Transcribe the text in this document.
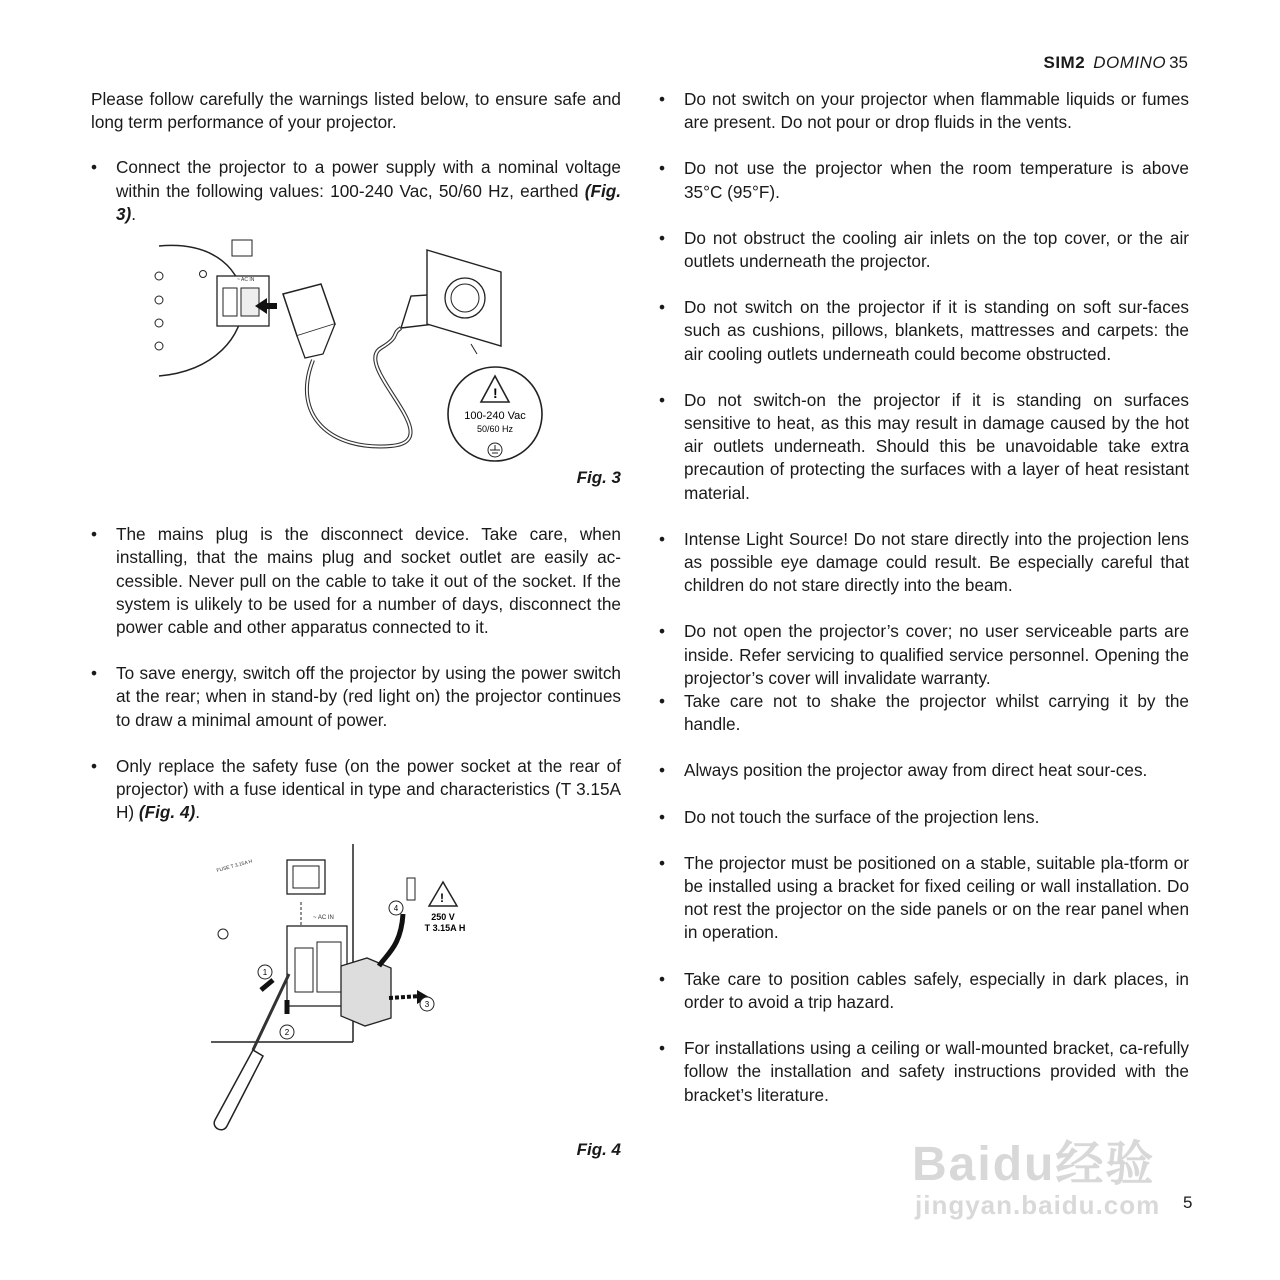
SIM2 DOMINO 35

Please follow carefully the warnings listed below, to ensure safe and long term performance of your projector.

• Connect the projector to a power supply with a nominal voltage within the following values: 100-240 Vac, 50/60 Hz, earthed (Fig. 3).

~ AC IN
!
100-240 Vac
50/60 Hz
Fig. 3

• The mains plug is the disconnect device. Take care, when installing, that the mains plug and socket outlet are easily ac-cessible. Never pull on the cable to take it out of the socket. If the system is ulikely to be used for a number of days, disconnect the power cable and other apparatus connected to it.

• To save energy, switch off the projector by using the power switch at the rear; when in stand-by (red light on) the projector continues to draw a minimal amount of power.

• Only replace the safety fuse (on the power socket at the rear of projector) with a fuse identical in type and characteristics (T 3.15A H) (Fig. 4).

FUSE T 3.15A H
~ AC IN
!
250 V
T 3.15A H
1
2
3
4
Fig. 4

• Do not switch on your projector when flammable liquids or fumes are present. Do not pour or drop fluids in the vents.

• Do not use the projector when the room temperature is above 35°C (95°F).

• Do not obstruct the cooling air inlets on the top cover, or the air outlets underneath the projector.

• Do not switch on the projector if it is standing on soft sur-faces such as cushions, pillows, blankets, mattresses and carpets: the air cooling outlets underneath could become obstructed.

• Do not switch-on the projector if it is standing on surfaces sensitive to heat, as this may result in damage caused by the hot air outlets underneath. Should this be unavoidable take extra precaution of protecting the surfaces with a layer of heat resistant material.

• Intense Light Source! Do not stare directly into the projection lens as possible eye damage could result. Be especially careful that children do not stare directly into the beam.

• Do not open the projector’s cover; no user serviceable parts are inside. Refer servicing to qualified service personnel. Opening the projector’s cover will invalidate warranty.

• Take care not to shake the projector whilst carrying it by the handle.

• Always position the projector away from direct heat sour-ces.

• Do not touch the surface of the projection lens.

• The projector must be positioned on a stable, suitable pla-tform or be installed using a bracket for fixed ceiling or wall installation. Do not rest the projector on the side panels or on the rear panel when in operation.

• Take care to position cables safely, especially in dark places, in order to avoid a trip hazard.

• For installations using a ceiling or wall-mounted bracket, ca-refully follow the installation and safety instructions provided with the bracket’s literature.

Baidu经验
jingyan.baidu.com 5
